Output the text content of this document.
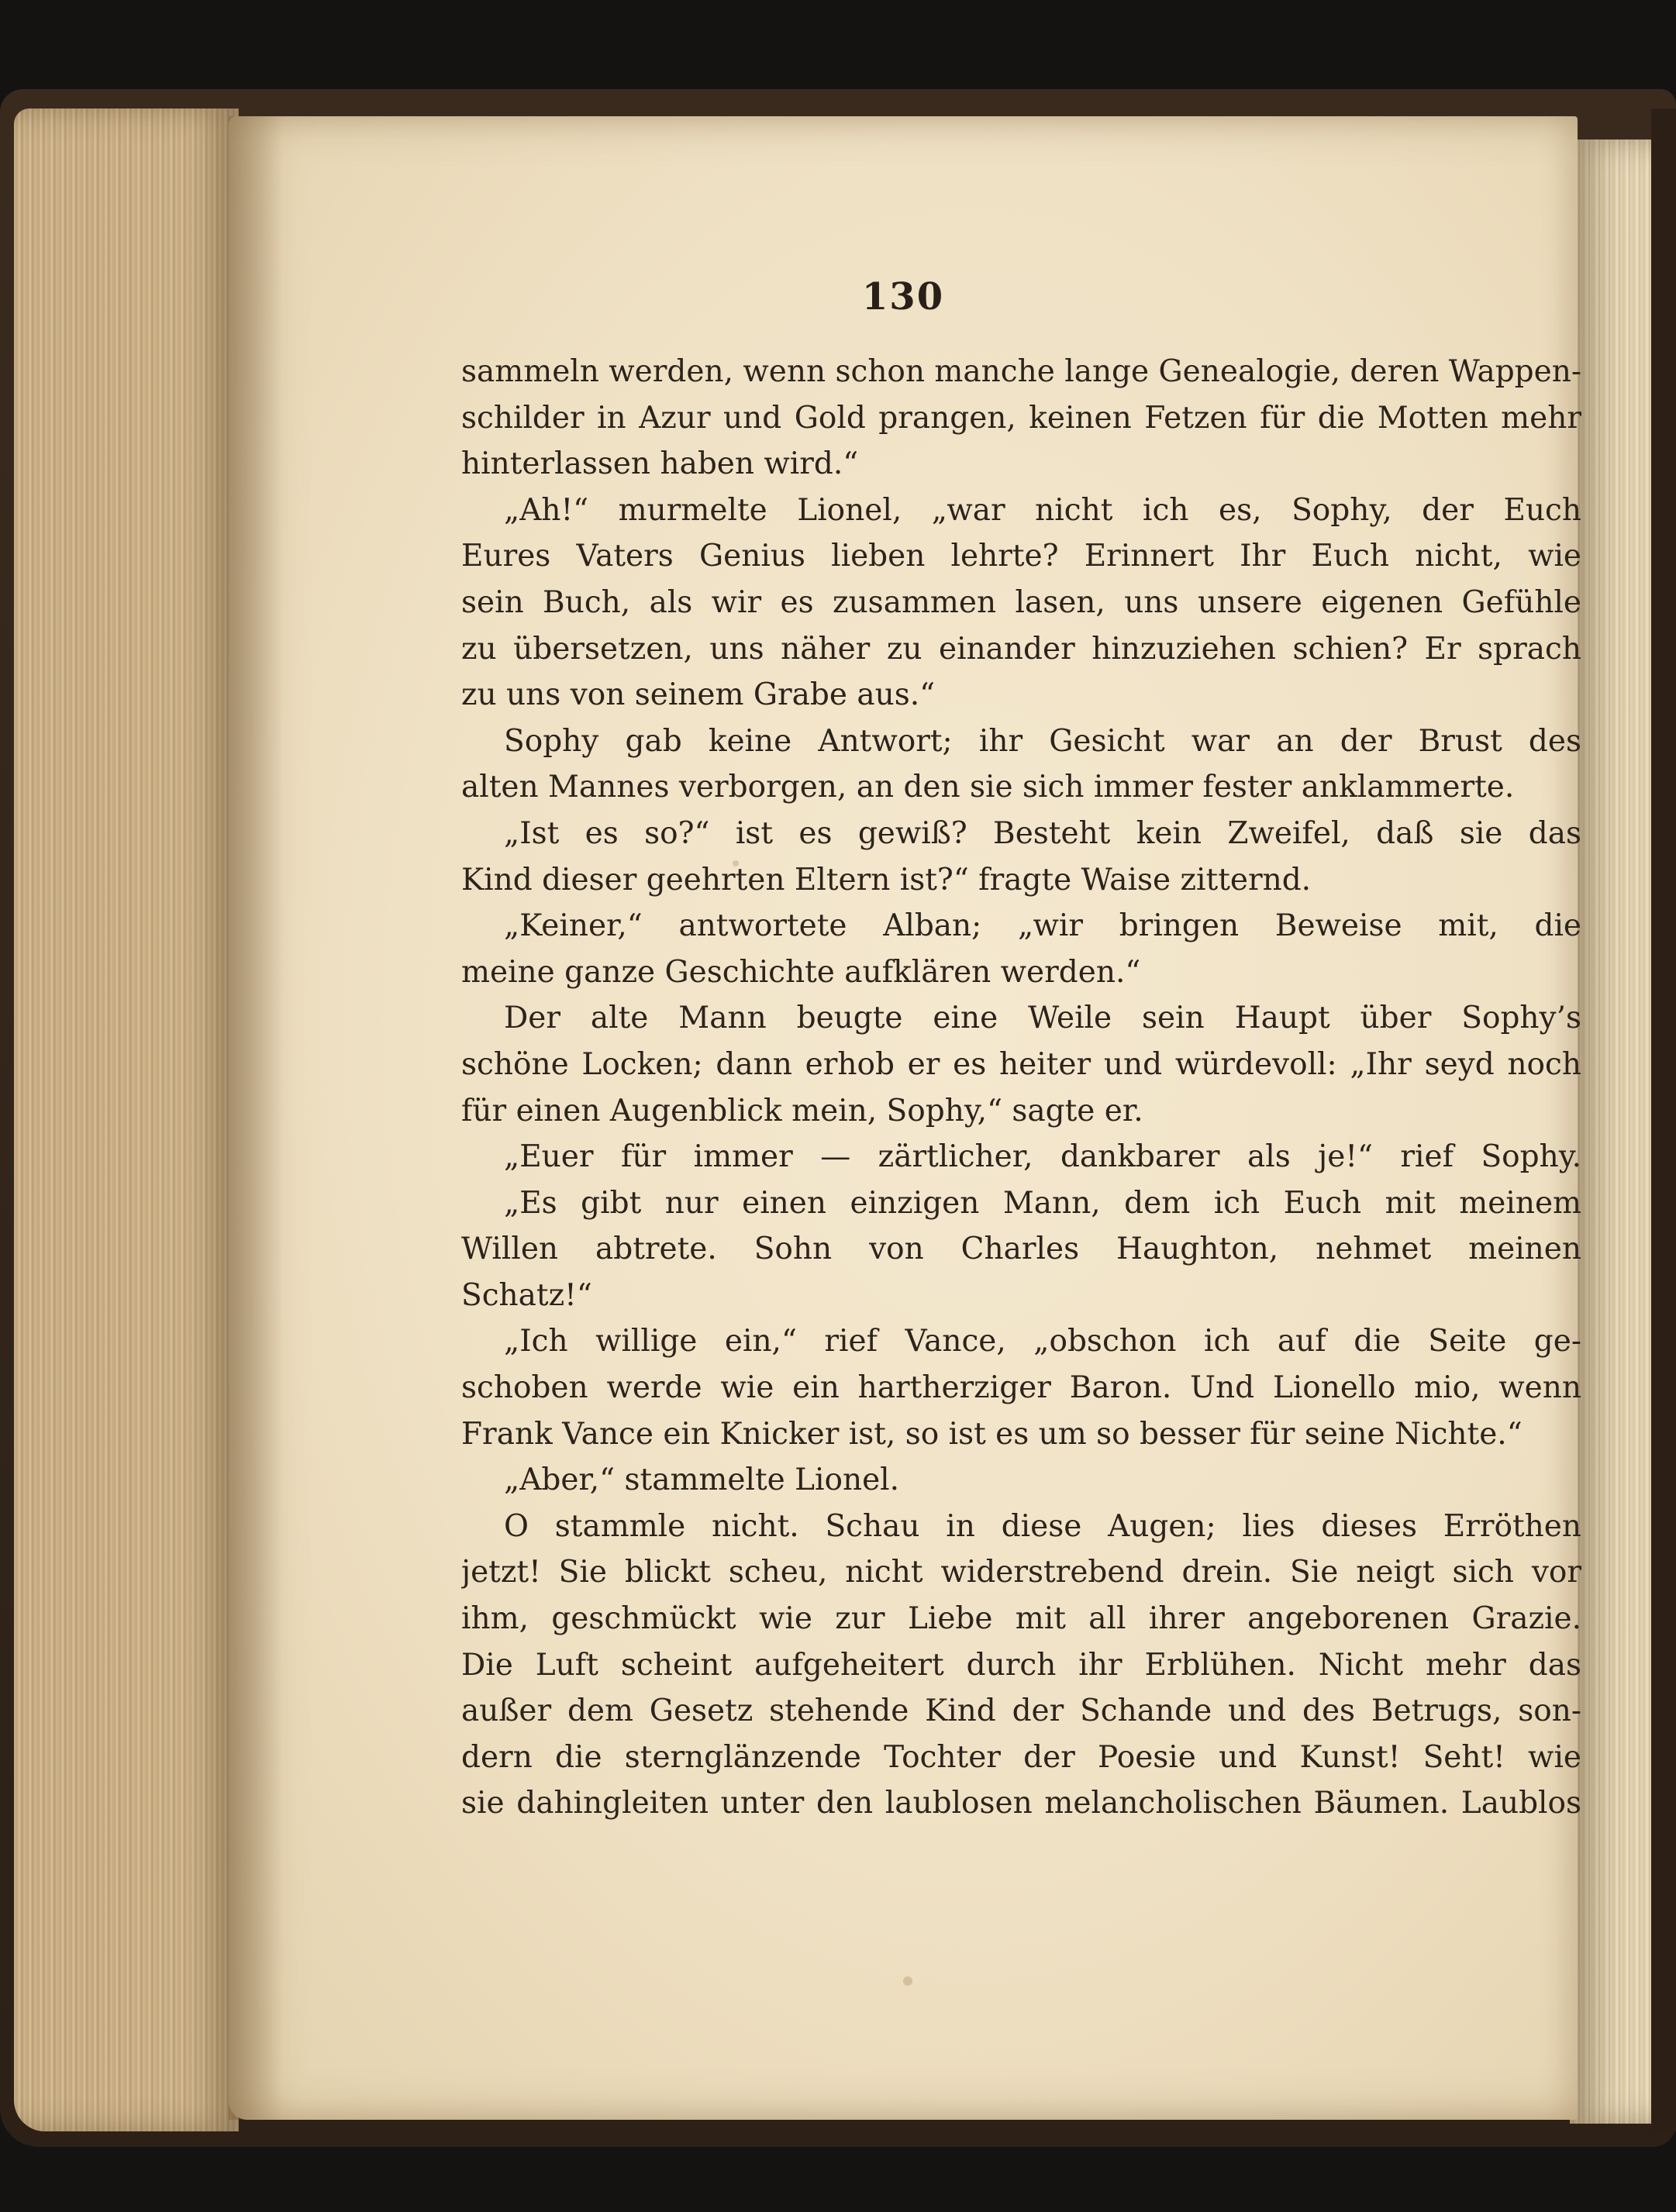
130
sammeln werden, wenn schon manche lange Genealogie, deren Wappen-
schilder in Azur und Gold prangen, keinen Fetzen für die Motten mehr
hinterlassen haben wird.“
„Ah!“ murmelte Lionel, „war nicht ich es, Sophy, der Euch
Eures Vaters Genius lieben lehrte? Erinnert Ihr Euch nicht, wie
sein Buch, als wir es zusammen lasen, uns unsere eigenen Gefühle
zu übersetzen, uns näher zu einander hinzuziehen schien? Er sprach
zu uns von seinem Grabe aus.“
Sophy gab keine Antwort; ihr Gesicht war an der Brust des
alten Mannes verborgen, an den sie sich immer fester anklammerte.
„Ist es so?“ ist es gewiß? Besteht kein Zweifel, daß sie das
Kind dieser geehrten Eltern ist?“ fragte Waise zitternd.
„Keiner,“ antwortete Alban; „wir bringen Beweise mit, die
meine ganze Geschichte aufklären werden.“
Der alte Mann beugte eine Weile sein Haupt über Sophy’s
schöne Locken; dann erhob er es heiter und würdevoll: „Ihr seyd noch
für einen Augenblick mein, Sophy,“ sagte er.
„Euer für immer — zärtlicher, dankbarer als je!“ rief Sophy.
„Es gibt nur einen einzigen Mann, dem ich Euch mit meinem
Willen abtrete. Sohn von Charles Haughton, nehmet meinen
Schatz!“
„Ich willige ein,“ rief Vance, „obschon ich auf die Seite ge-
schoben werde wie ein hartherziger Baron. Und Lionello mio, wenn
Frank Vance ein Knicker ist, so ist es um so besser für seine Nichte.“
„Aber,“ stammelte Lionel.
O stammle nicht. Schau in diese Augen; lies dieses Erröthen
jetzt! Sie blickt scheu, nicht widerstrebend drein. Sie neigt sich vor
ihm, geschmückt wie zur Liebe mit all ihrer angeborenen Grazie.
Die Luft scheint aufgeheitert durch ihr Erblühen. Nicht mehr das
außer dem Gesetz stehende Kind der Schande und des Betrugs, son-
dern die sternglänzende Tochter der Poesie und Kunst! Seht! wie
sie dahingleiten unter den laublosen melancholischen Bäumen. Laublos
